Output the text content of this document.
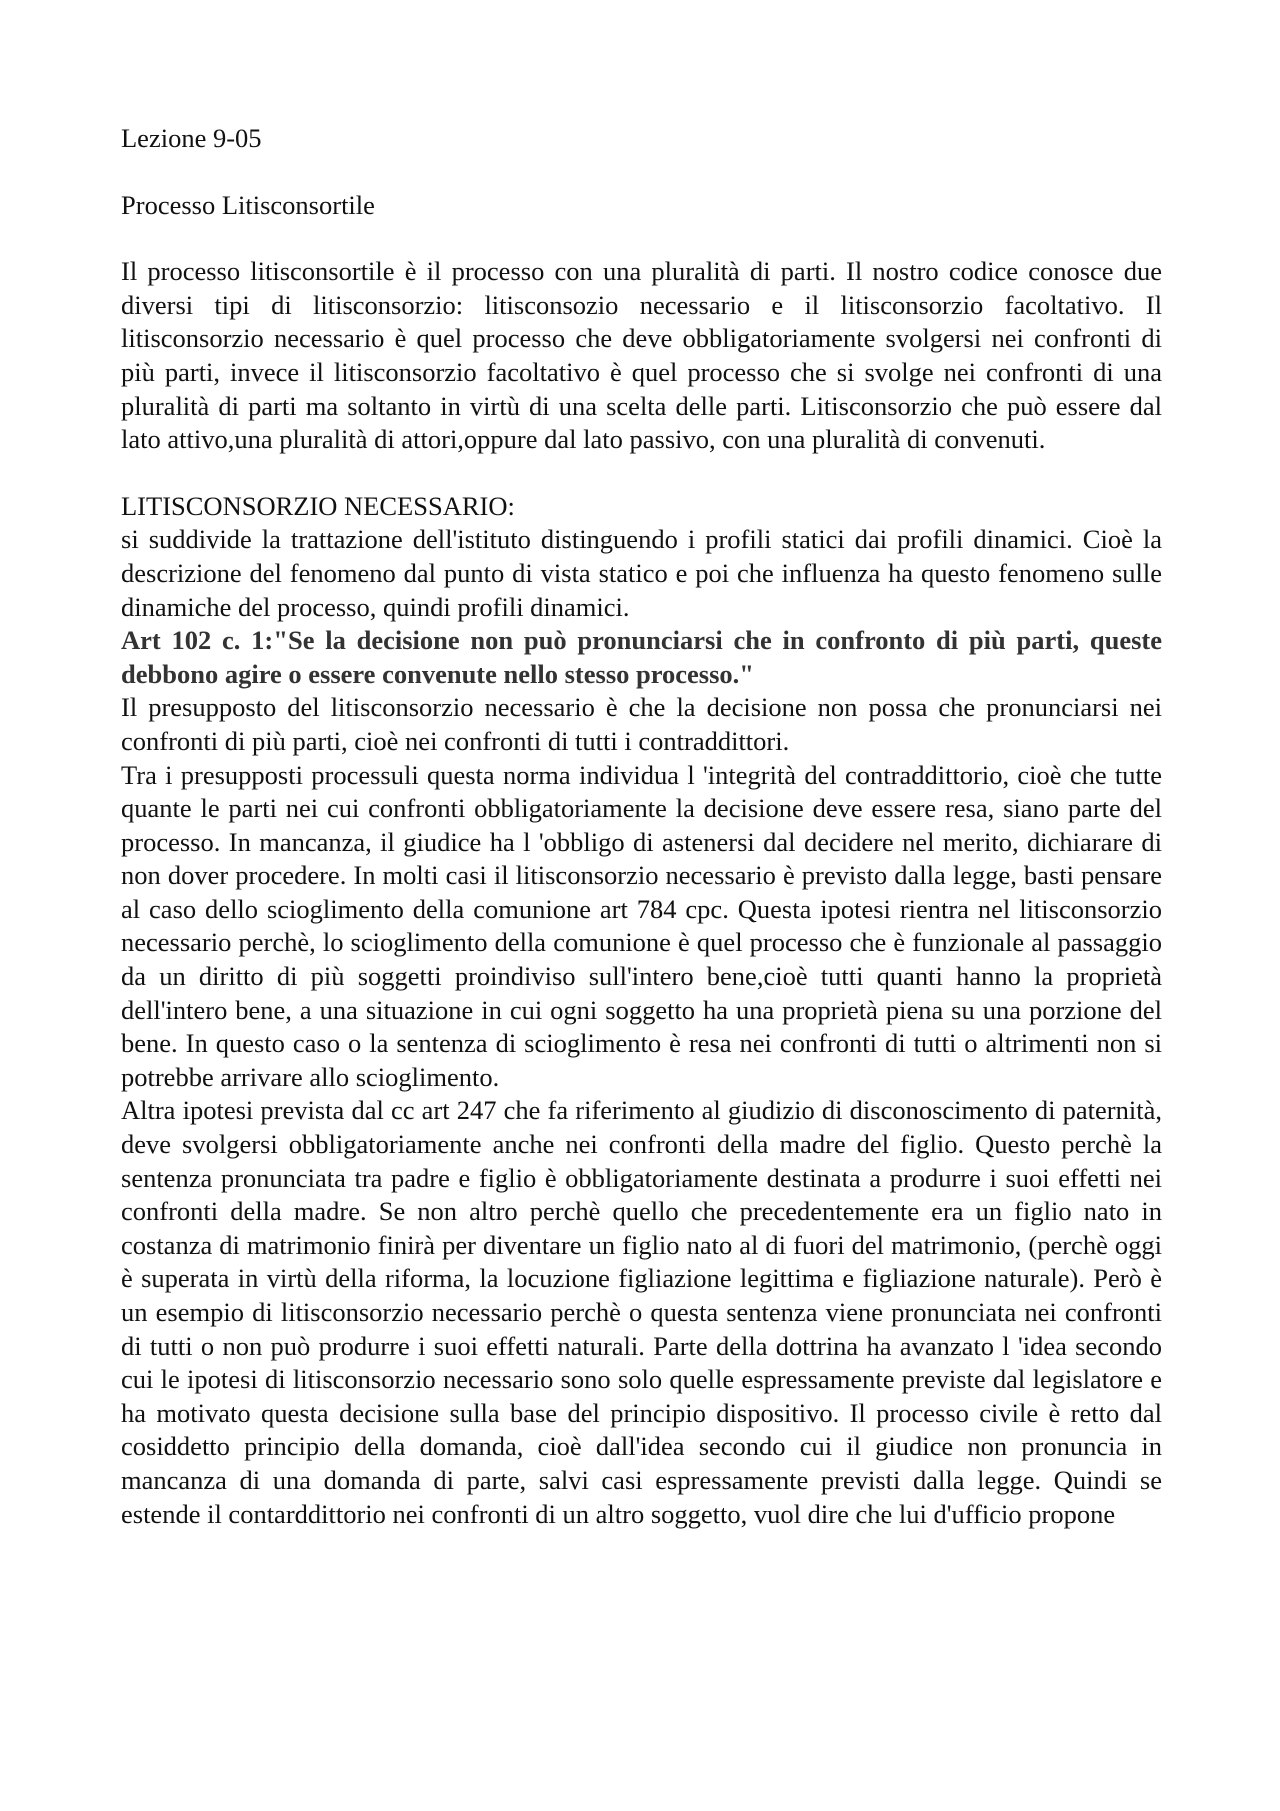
Lezione 9-05

Processo Litisconsortile

Il processo litisconsortile è il processo con una pluralità di parti. Il nostro codice conosce due diversi tipi di litisconsorzio: litisconsozio necessario e il litisconsorzio facoltativo. Il litisconsorzio necessario è quel processo che deve obbligatoriamente svolgersi nei confronti di più parti, invece il litisconsorzio facoltativo è quel processo che si svolge nei confronti di una pluralità di parti ma soltanto in virtù di una scelta delle parti. Litisconsorzio che può essere dal lato attivo,una pluralità di attori,oppure dal lato passivo, con una pluralità di convenuti.

LITISCONSORZIO NECESSARIO:

si suddivide la trattazione dell'istituto distinguendo i profili statici dai profili dinamici. Cioè la descrizione del fenomeno dal punto di vista statico e poi che influenza ha questo fenomeno sulle dinamiche del processo, quindi profili dinamici.

Art 102 c. 1:"Se la decisione non può pronunciarsi che in confronto di più parti, queste debbono agire o essere convenute nello stesso processo."

Il presupposto del litisconsorzio necessario è che la decisione non possa che pronunciarsi nei confronti di più parti, cioè nei confronti di tutti i contraddittori.

Tra i presupposti processuli questa norma individua l 'integrità del contraddittorio, cioè che tutte quante le parti nei cui confronti obbligatoriamente la decisione deve essere resa, siano parte del processo. In mancanza, il giudice ha l 'obbligo di astenersi dal decidere nel merito, dichiarare di non dover procedere. In molti casi il litisconsorzio necessario è previsto dalla legge, basti pensare al caso dello scioglimento della comunione art 784 cpc. Questa ipotesi rientra nel litisconsorzio necessario perchè, lo scioglimento della comunione è quel processo che è funzionale al passaggio da un diritto di più soggetti proindiviso sull'intero bene,cioè tutti quanti hanno la proprietà dell'intero bene, a una situazione in cui ogni soggetto ha una proprietà piena su una porzione del bene. In questo caso o la sentenza di scioglimento è resa nei confronti di tutti o altrimenti non si potrebbe arrivare allo scioglimento.

Altra ipotesi prevista dal cc art 247 che fa riferimento al giudizio di disconoscimento di paternità, deve svolgersi obbligatoriamente anche nei confronti della madre del figlio. Questo perchè la sentenza pronunciata tra padre e figlio è obbligatoriamente destinata a produrre i suoi effetti nei confronti della madre. Se non altro perchè quello che precedentemente era un figlio nato in costanza di matrimonio finirà per diventare un figlio nato al di fuori del matrimonio, (perchè oggi è superata in virtù della riforma, la locuzione figliazione legittima e figliazione naturale). Però è un esempio di litisconsorzio necessario perchè o questa sentenza viene pronunciata nei confronti di tutti o non può produrre i suoi effetti naturali. Parte della dottrina ha avanzato l 'idea secondo cui le ipotesi di litisconsorzio necessario sono solo quelle espressamente previste dal legislatore e ha motivato questa decisione sulla base del principio dispositivo. Il processo civile è retto dal cosiddetto principio della domanda, cioè dall'idea secondo cui il giudice non pronuncia in mancanza di una domanda di parte, salvi casi espressamente previsti dalla legge. Quindi se estende il contarddittorio nei confronti di un altro soggetto, vuol dire che lui d'ufficio propone
